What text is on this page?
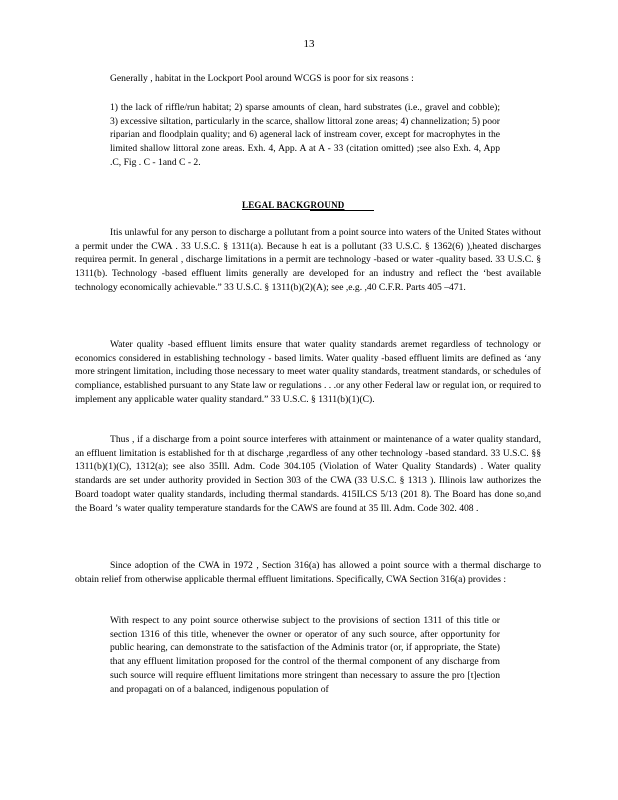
13

Generally , habitat in the Lockport Pool around WCGS is poor for six reasons :

1) the lack of riffle/run habitat; 2) sparse amounts of clean, hard substrates (i.e., gravel and cobble); 3) excessive siltation, particularly in the scarce, shallow littoral zone areas; 4) channelization; 5) poor riparian and floodplain quality; and 6) ageneral lack of instream cover, except for macrophytes in the limited shallow littoral zone areas. Exh. 4, App. A at A - 33 (citation omitted) ;see also Exh. 4, App .C, Fig . C - 1and C - 2.

LEGAL BACKGROUND

Itis unlawful for any person to discharge a pollutant from a point source into waters of the United States without a permit under the CWA . 33 U.S.C. § 1311(a). Because h eat is a pollutant (33 U.S.C. § 1362(6) ),heated discharges requirea permit. In general , discharge limitations in a permit are technology -based or water -quality based. 33 U.S.C. § 1311(b). Technology -based effluent limits generally are developed for an industry and reflect the ‘best available technology economically achievable.” 33 U.S.C. § 1311(b)(2)(A); see ,e.g. ,40 C.F.R. Parts 405 –471.

Water quality -based effluent limits ensure that water quality standards aremet regardless of technology or economics considered in establishing technology - based limits. Water quality -based effluent limits are defined as ‘any more stringent limitation, including those necessary to meet water quality standards, treatment standards, or schedules of compliance, established pursuant to any State law or regulations . . .or any other Federal law or regulat ion, or required to implement any applicable water quality standard.” 33 U.S.C. § 1311(b)(1)(C).

Thus , if a discharge from a point source interferes with attainment or maintenance of a water quality standard, an effluent limitation is established for th at discharge ,regardless of any other technology -based standard. 33 U.S.C. §§ 1311(b)(1)(C), 1312(a); see also 35Ill. Adm. Code 304.105 (Violation of Water Quality Standards) . Water quality standards are set under authority provided in Section 303 of the CWA (33 U.S.C. § 1313 ). Illinois law authorizes the Board toadopt water quality standards, including thermal standards. 415ILCS 5/13 (201 8). The Board has done so,and the Board ’s water quality temperature standards for the CAWS are found at 35 Ill. Adm. Code 302. 408 .

Since adoption of the CWA in 1972 , Section 316(a) has allowed a point source with a thermal discharge to obtain relief from otherwise applicable thermal effluent limitations. Specifically, CWA Section 316(a) provides :

With respect to any point source otherwise subject to the provisions of section 1311 of this title or section 1316 of this title, whenever the owner or operator of any such source, after opportunity for public hearing, can demonstrate to the satisfaction of the Adminis trator (or, if appropriate, the State) that any effluent limitation proposed for the control of the thermal component of any discharge from such source will require effluent limitations more stringent than necessary to assure the pro [t]ection and propagati on of a balanced, indigenous population of
